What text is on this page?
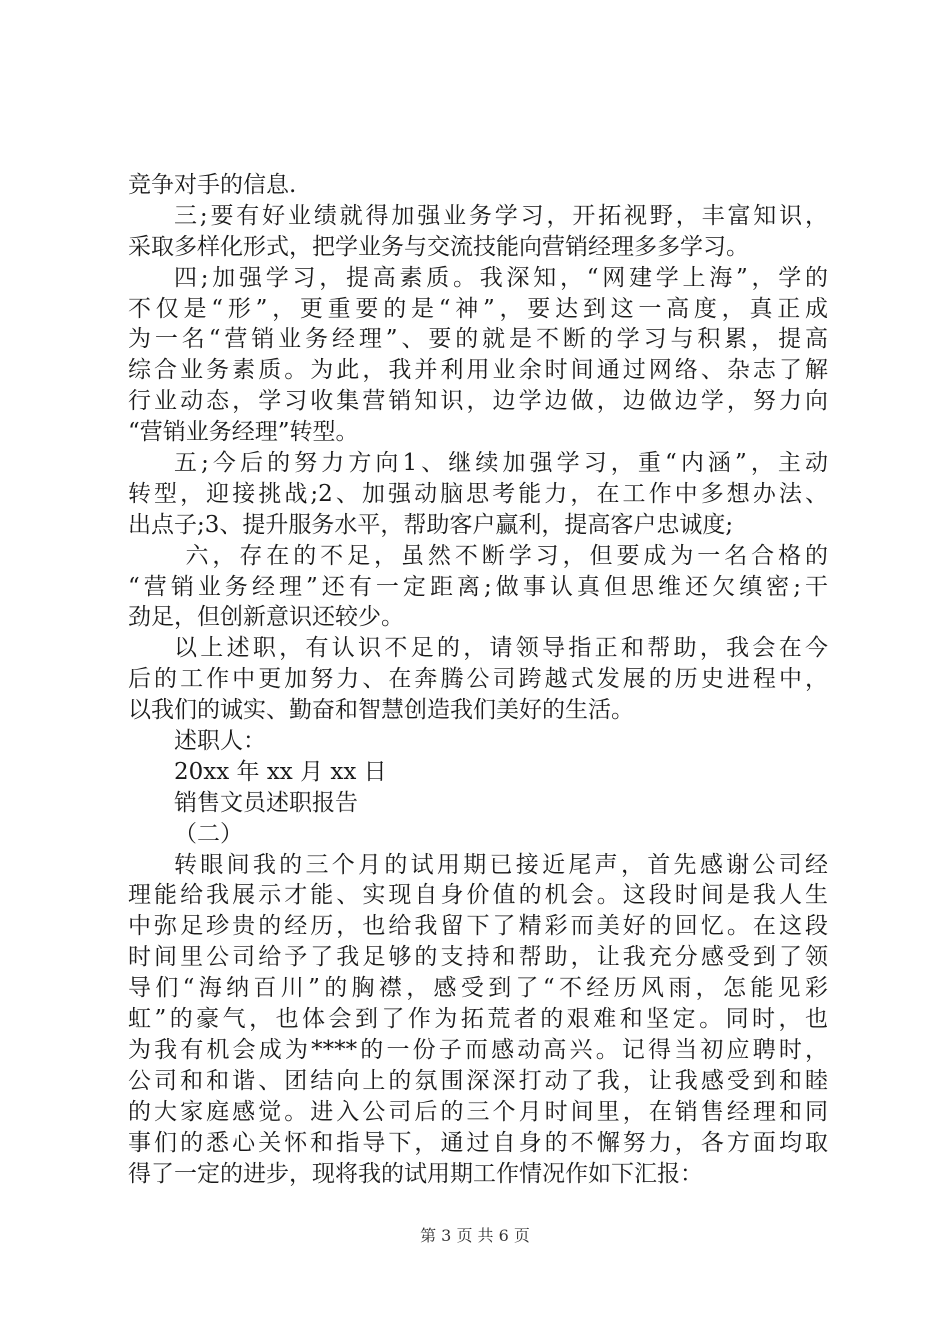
竞争对手的信息.
三;要有好业绩就得加强业务学习，开拓视野，丰富知识，
采取多样化形式，把学业务与交流技能向营销经理多多学习。
四;加强学习，提高素质。我深知，“网建学上海”，学的
不仅是“形”，更重要的是“神”，要达到这一高度，真正成
为一名“营销业务经理”、要的就是不断的学习与积累，提高
综合业务素质。为此，我并利用业余时间通过网络、杂志了解
行业动态，学习收集营销知识，边学边做，边做边学，努力向
“营销业务经理”转型。
五;今后的努力方向1、继续加强学习，重“内涵”，主动
转型，迎接挑战;2、加强动脑思考能力，在工作中多想办法、
出点子;3、提升服务水平，帮助客户赢利，提高客户忠诚度;
六，存在的不足，虽然不断学习，但要成为一名合格的
“营销业务经理”还有一定距离;做事认真但思维还欠缜密;干
劲足，但创新意识还较少。
以上述职，有认识不足的，请领导指正和帮助，我会在今
后的工作中更加努力、在奔腾公司跨越式发展的历史进程中，
以我们的诚实、勤奋和智慧创造我们美好的生活。
述职人：
20xx 年 xx 月 xx 日
销售文员述职报告
（二）
转眼间我的三个月的试用期已接近尾声，首先感谢公司经
理能给我展示才能、实现自身价值的机会。这段时间是我人生
中弥足珍贵的经历，也给我留下了精彩而美好的回忆。在这段
时间里公司给予了我足够的支持和帮助，让我充分感受到了领
导们“海纳百川”的胸襟，感受到了“不经历风雨，怎能见彩
虹”的豪气，也体会到了作为拓荒者的艰难和坚定。同时，也
为我有机会成为****的一份子而感动高兴。记得当初应聘时，
公司和和谐、团结向上的氛围深深打动了我，让我感受到和睦
的大家庭感觉。进入公司后的三个月时间里，在销售经理和同
事们的悉心关怀和指导下，通过自身的不懈努力，各方面均取
得了一定的进步，现将我的试用期工作情况作如下汇报：
第 3 页 共 6 页
